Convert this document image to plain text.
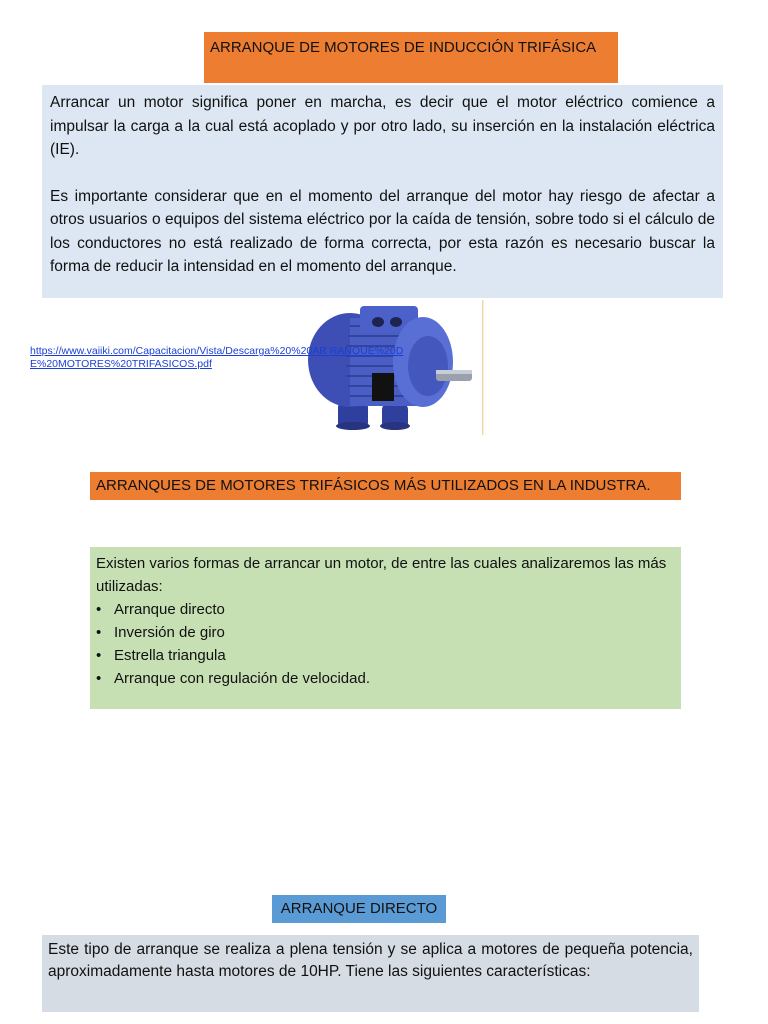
ARRANQUE DE MOTORES DE INDUCCIÓN TRIFÁSICA

Arrancar un motor significa poner en marcha, es decir que el motor eléctrico comience a impulsar la carga a la cual está acoplado y por otro lado, su inserción en la instalación eléctrica (IE).

Es importante considerar que en el momento del arranque del motor hay riesgo de afectar a otros usuarios o equipos del sistema eléctrico por la caída de tensión, sobre todo si el cálculo de los conductores no está realizado de forma correcta, por esta razón es necesario buscar la forma de reducir la intensidad en el momento del arranque.

https://www.vaiiki.com/Capacitacion/Vista/Descarga%20%20AR RANQUE%20DE%20MOTORES%20TRIFASICOS.pdf
ARRANQUES DE MOTORES TRIFÁSICOS MÁS UTILIZADOS EN LA INDUSTRA.
Existen varios formas de arrancar un motor, de entre las cuales analizaremos las más utilizadas:
• Arranque directo
• Inversión de giro
• Estrella triangula
• Arranque con regulación de velocidad.
ARRANQUE DIRECTO
Este tipo de arranque se realiza a plena tensión y se aplica a motores de pequeña potencia, aproximadamente hasta motores de 10HP. Tiene las siguientes características:
